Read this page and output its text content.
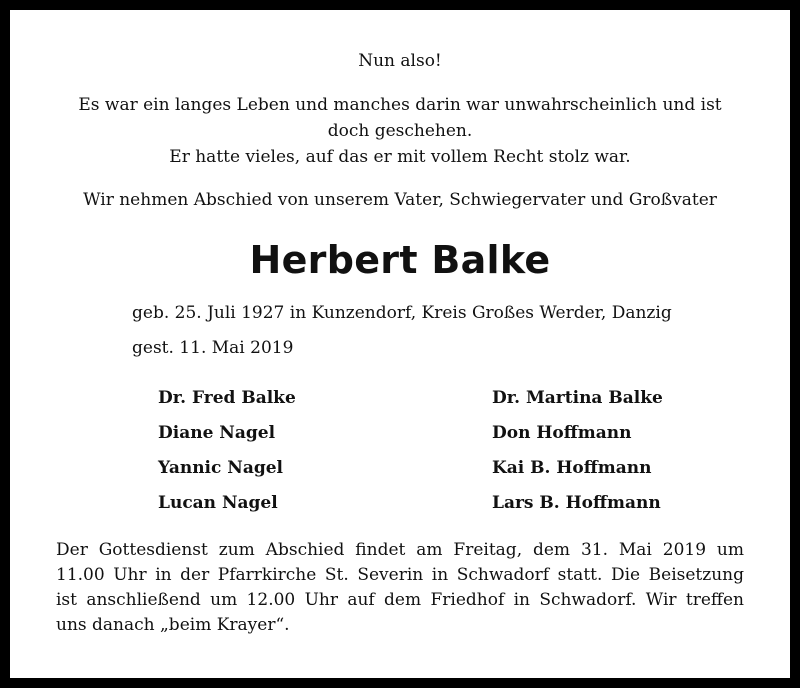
Nun also!
Es war ein langes Leben und manches darin war unwahrscheinlich und ist
doch geschehen.
Er hatte vieles, auf das er mit vollem Recht stolz war.
Wir nehmen Abschied von unserem Vater, Schwiegervater und Großvater
Herbert Balke
geb. 25. Juli 1927 in Kunzendorf, Kreis Großes Werder, Danzig
gest. 11. Mai 2019
Dr. Fred Balke
Diane Nagel
Yannic Nagel
Lucan Nagel
Dr. Martina Balke
Don Hoffmann
Kai B. Hoffmann
Lars B. Hoffmann
Der Gottesdienst zum Abschied findet am Freitag, dem 31. Mai 2019 um
11.00 Uhr in der Pfarrkirche St. Severin in Schwadorf statt. Die Beisetzung
ist anschließend um 12.00 Uhr auf dem Friedhof in Schwadorf. Wir treffen
uns danach „beim Krayer“.
